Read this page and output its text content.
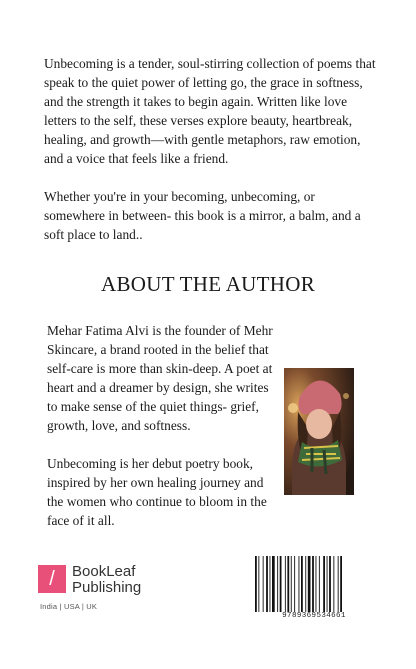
Unbecoming is a tender, soul-stirring collection of poems that speak to the quiet power of letting go, the grace in softness, and the strength it takes to begin again. Written like love letters to the self, these verses explore beauty, heartbreak, healing, and growth—with gentle metaphors, raw emotion, and a voice that feels like a friend.

Whether you're in your becoming, unbecoming, or somewhere in between- this book is a mirror, a balm, and a soft place to land..

ABOUT THE AUTHOR

Mehar Fatima Alvi is the founder of Mehr Skincare, a brand rooted in the belief that self-care is more than skin-deep. A poet at heart and a dreamer by design, she writes to make sense of the quiet things- grief, growth, love, and softness.

Unbecoming is her debut poetry book, inspired by her own healing journey and the women who continue to bloom in the face of it all.

/	BookLeaf
Publishing
India | USA | UK
9789369534661
